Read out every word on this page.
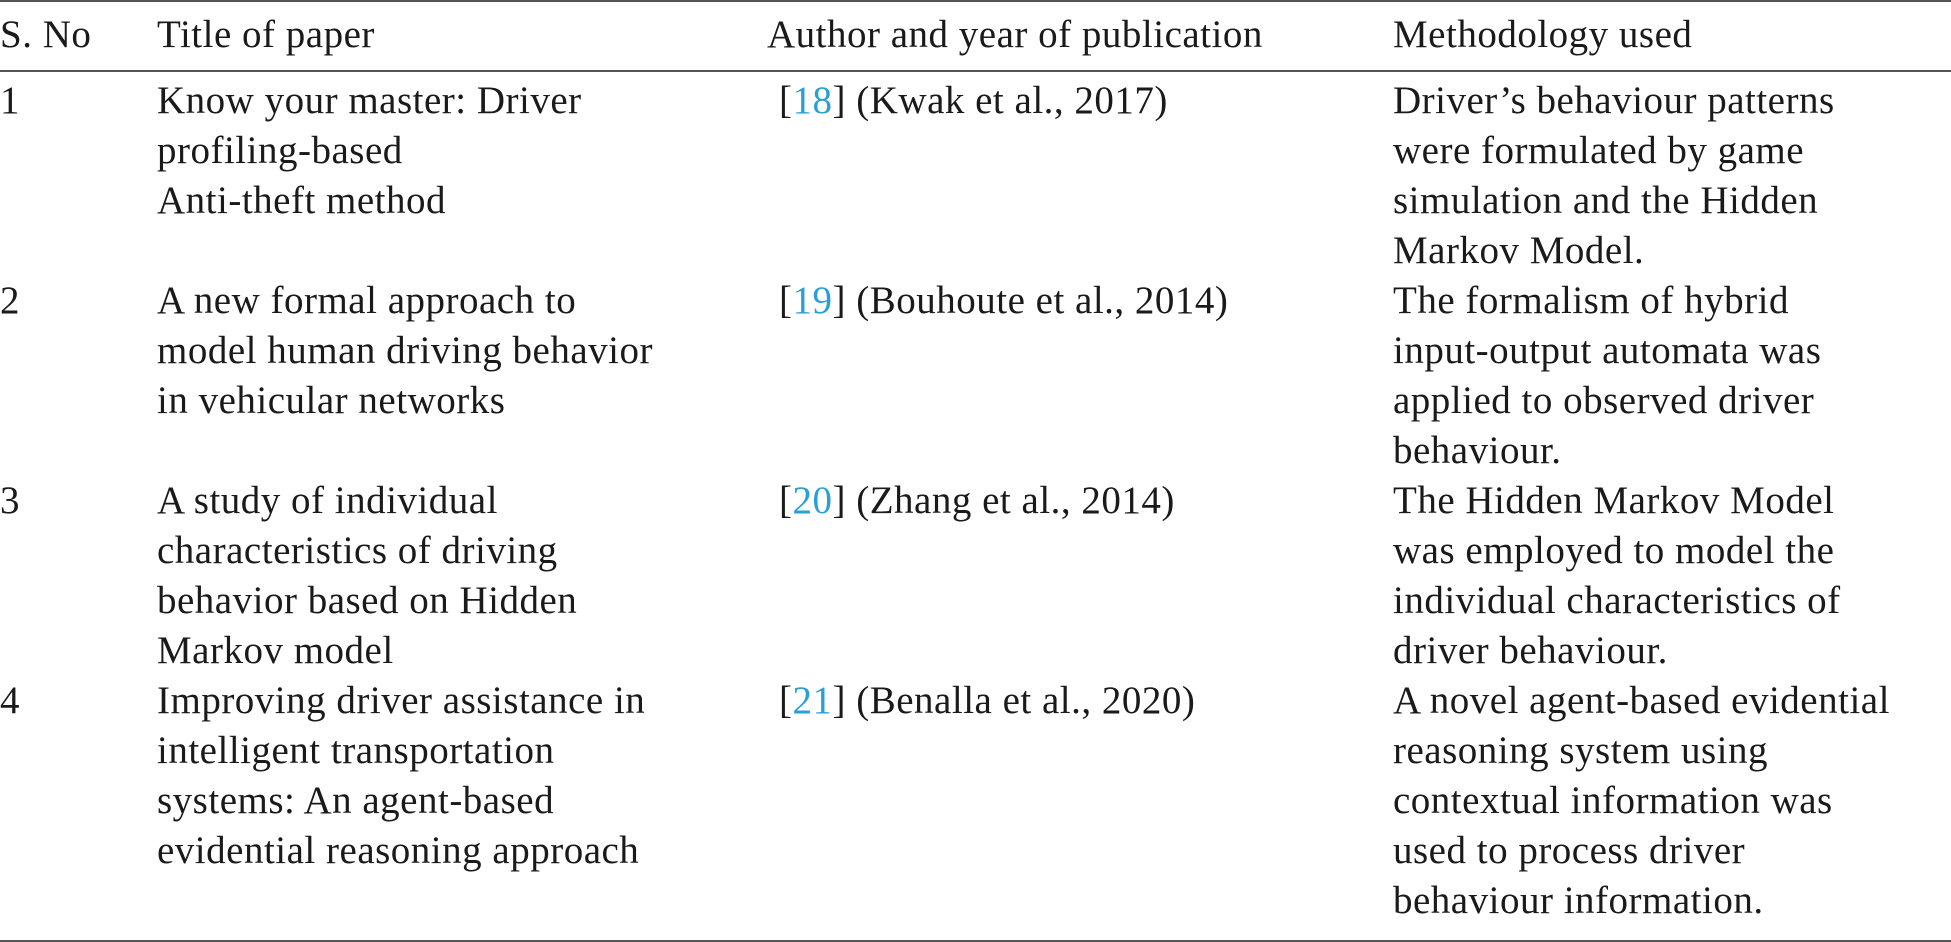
S. No	Title of paper	Author and year of publication	Methodology used
1	Know your master: Driver
profiling-based
Anti-theft method	[18] (Kwak et al., 2017)	Driver’s behaviour patterns
were formulated by game
simulation and the Hidden
Markov Model.

2	A new formal approach to
model human driving behavior
in vehicular networks	[19] (Bouhoute et al., 2014)	The formalism of hybrid
input-output automata was
applied to observed driver
behaviour.

3	A study of individual
characteristics of driving
behavior based on Hidden
Markov model	[20] (Zhang et al., 2014)	The Hidden Markov Model
was employed to model the
individual characteristics of
driver behaviour.

4	Improving driver assistance in
intelligent transportation
systems: An agent-based
evidential reasoning approach	[21] (Benalla et al., 2020)	A novel agent-based evidential
reasoning system using
contextual information was
used to process driver
behaviour information.
